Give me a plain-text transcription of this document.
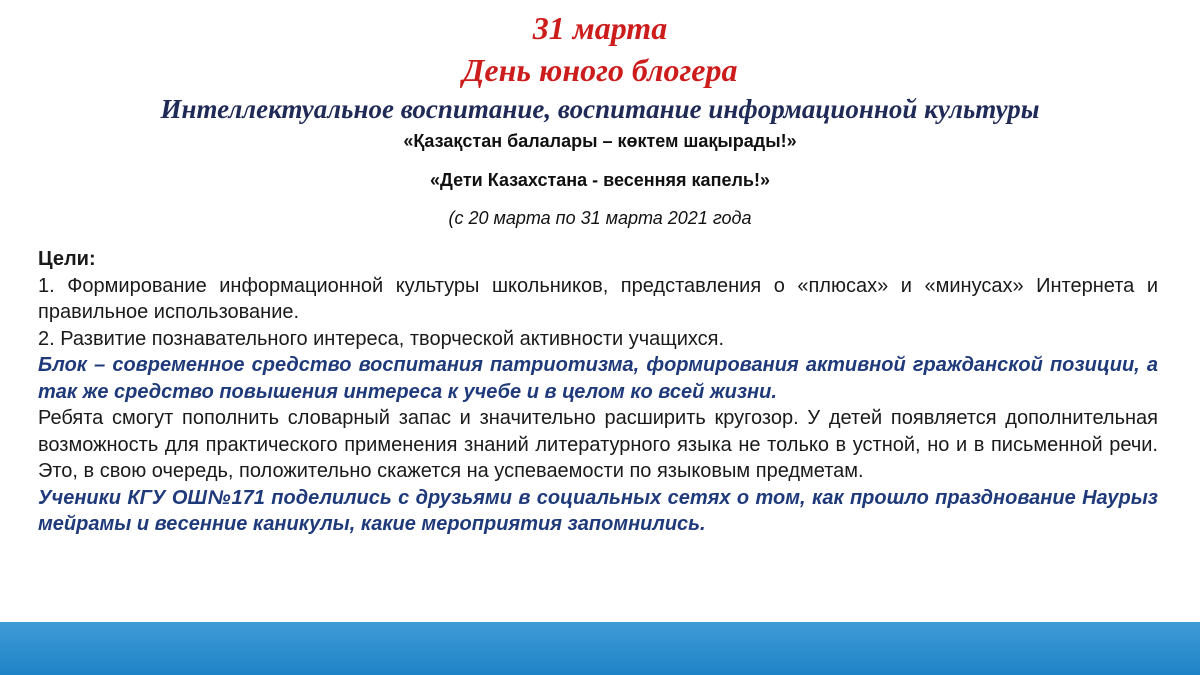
31 марта
День юного блогера
Интеллектуальное воспитание, воспитание информационной культуры
«Қазақстан балалары – көктем шақырады!»
«Дети Казахстана - весенняя капель!»
(с 20 марта по 31 марта 2021 года

Цели:

1. Формирование информационной культуры школьников, представления о «плюсах» и «минусах» Интернета и правильное использование.

2. Развитие познавательного интереса, творческой активности учащихся.

Блок – современное средство воспитания патриотизма, формирования активной гражданской позиции, а так же средство повышения интереса к учебе и в целом ко всей жизни.

Ребята смогут пополнить словарный запас и значительно расширить кругозор. У детей появляется дополнительная возможность для практического применения знаний литературного языка не только в устной, но и в письменной речи. Это, в свою очередь, положительно скажется на успеваемости по языковым предметам.

Ученики КГУ ОШ№171 поделились с друзьями в социальных сетях о том, как прошло празднование Наурыз мейрамы и весенние каникулы, какие мероприятия запомнились.
